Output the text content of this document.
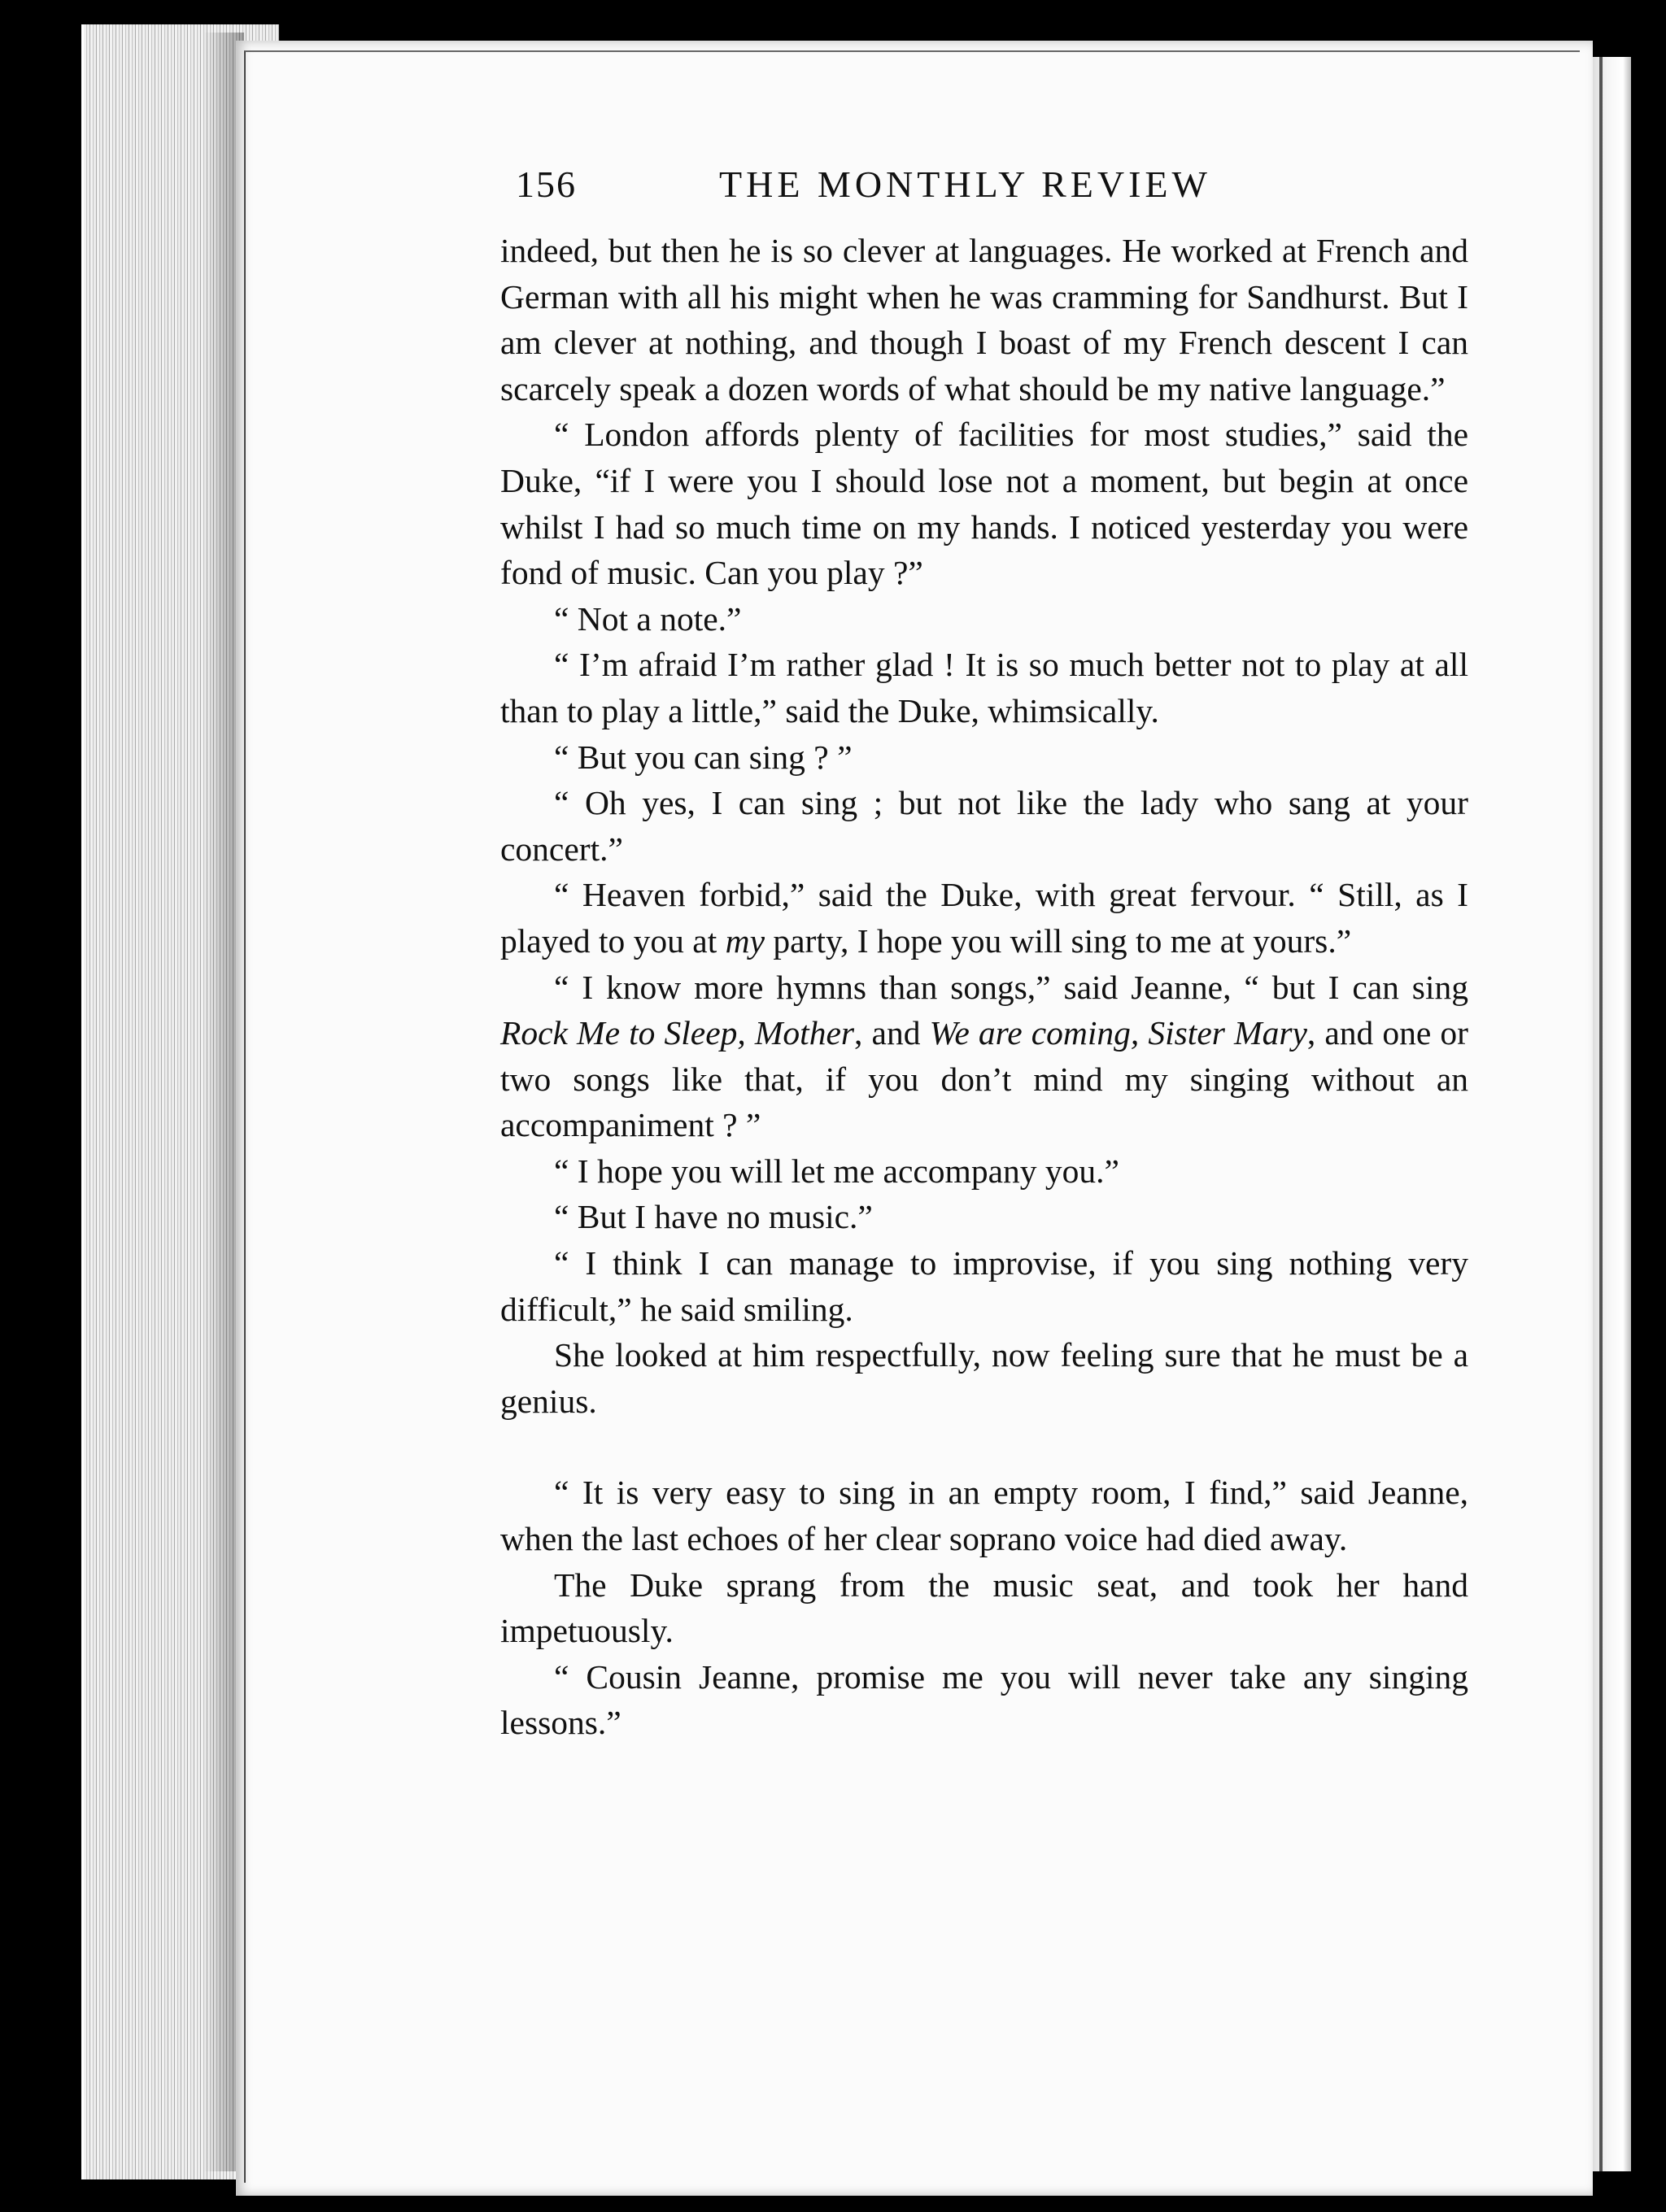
156	THE MONTHLY REVIEW

indeed, but then he is so clever at languages. He worked at French and German with all his might when he was cramming for Sandhurst. But I am clever at nothing, and though I boast of my French descent I can scarcely speak a dozen words of what should be my native language.”

“ London affords plenty of facilities for most studies,” said the Duke, “if I were you I should lose not a moment, but begin at once whilst I had so much time on my hands. I noticed yesterday you were fond of music. Can you play ?”

“ Not a note.”

“ I’m afraid I’m rather glad ! It is so much better not to play at all than to play a little,” said the Duke, whimsically.

“ But you can sing ? ”

“ Oh yes, I can sing ; but not like the lady who sang at your concert.”

“ Heaven forbid,” said the Duke, with great fervour. “ Still, as I played to you at my party, I hope you will sing to me at yours.”

“ I know more hymns than songs,” said Jeanne, “ but I can sing Rock Me to Sleep, Mother, and We are coming, Sister Mary, and one or two songs like that, if you don’t mind my singing without an accompaniment ? ”

“ I hope you will let me accompany you.”

“ But I have no music.”

“ I think I can manage to improvise, if you sing nothing very difficult,” he said smiling.

She looked at him respectfully, now feeling sure that he must be a genius.

“ It is very easy to sing in an empty room, I find,” said Jeanne, when the last echoes of her clear soprano voice had died away.

The Duke sprang from the music seat, and took her hand impetuously.

“ Cousin Jeanne, promise me you will never take any singing lessons.”
